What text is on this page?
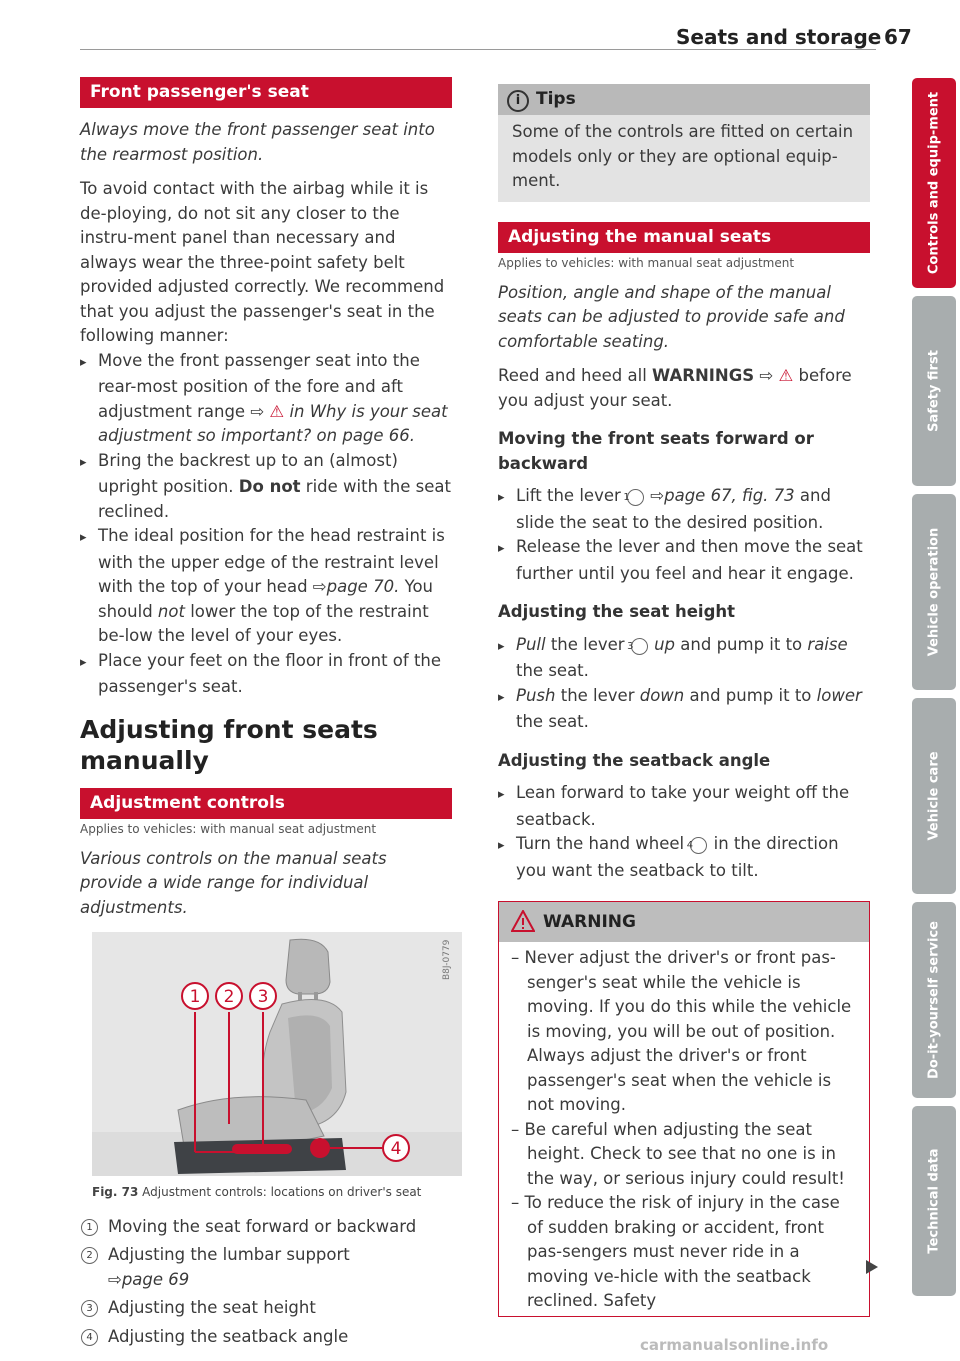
Seats and storage 67
Front passenger's seat

Always move the front passenger seat into the rearmost position.

To avoid contact with the airbag while it is de-ploying, do not sit any closer to the instru-ment panel than necessary and always wear the three-point safety belt provided adjusted correctly. We recommend that you adjust the passenger's seat in the following manner:

▸ Move the front passenger seat into the rear-most position of the fore and aft adjustment range ⇨ ⚠ in Why is your seat adjustment so important? on page 66.

▸ Bring the backrest up to an (almost) upright position. Do not ride with the seat reclined.

▸ The ideal position for the head restraint is with the upper edge of the restraint level with the top of your head ⇨page 70. You should not lower the top of the restraint be-low the level of your eyes.

▸ Place your feet on the floor in front of the passenger's seat.

Adjusting front seats manually
Adjustment controls
Applies to vehicles: with manual seat adjustment

Various controls on the manual seats provide a wide range for individual adjustments.

1 2 3
4
B8J-0779
Fig. 73 Adjustment controls: locations on driver's seat

1 Moving the seat forward or backward

2 Adjusting the lumbar support
⇨page 69

3 Adjusting the seat height

4 Adjusting the seatback angle

i Tips
Some of the controls are fitted on certain models only or they are optional equip-ment.
Adjusting the manual seats
Applies to vehicles: with manual seat adjustment

Position, angle and shape of the manual seats can be adjusted to provide safe and comfortable seating.

Reed and heed all WARNINGS ⇨ ⚠ before you adjust your seat.

Moving the front seats forward or backward

▸ Lift the lever 1 ⇨page 67, fig. 73 and slide the seat to the desired position.

▸ Release the lever and then move the seat further until you feel and hear it engage.

Adjusting the seat height

▸ Pull the lever 3 up and pump it to raise the seat.

▸ Push the lever down and pump it to lower the seat.

Adjusting the seatback angle

▸ Lean forward to take your weight off the seatback.

▸ Turn the hand wheel 4 in the direction you want the seatback to tilt.

WARNING

– Never adjust the driver's or front pas-senger's seat while the vehicle is moving. If you do this while the vehicle is moving, you will be out of position. Always adjust the driver's or front passenger's seat when the vehicle is not moving.

– Be careful when adjusting the seat height. Check to see that no one is in the way, or serious injury could result!

– To reduce the risk of injury in the case of sudden braking or accident, front pas-sengers must never ride in a moving ve-hicle with the seatback reclined. Safety

Controls and equip-ment
Safety first
Vehicle operation
Vehicle care
Do-it-yourself service
Technical data
carmanualsonline.info
